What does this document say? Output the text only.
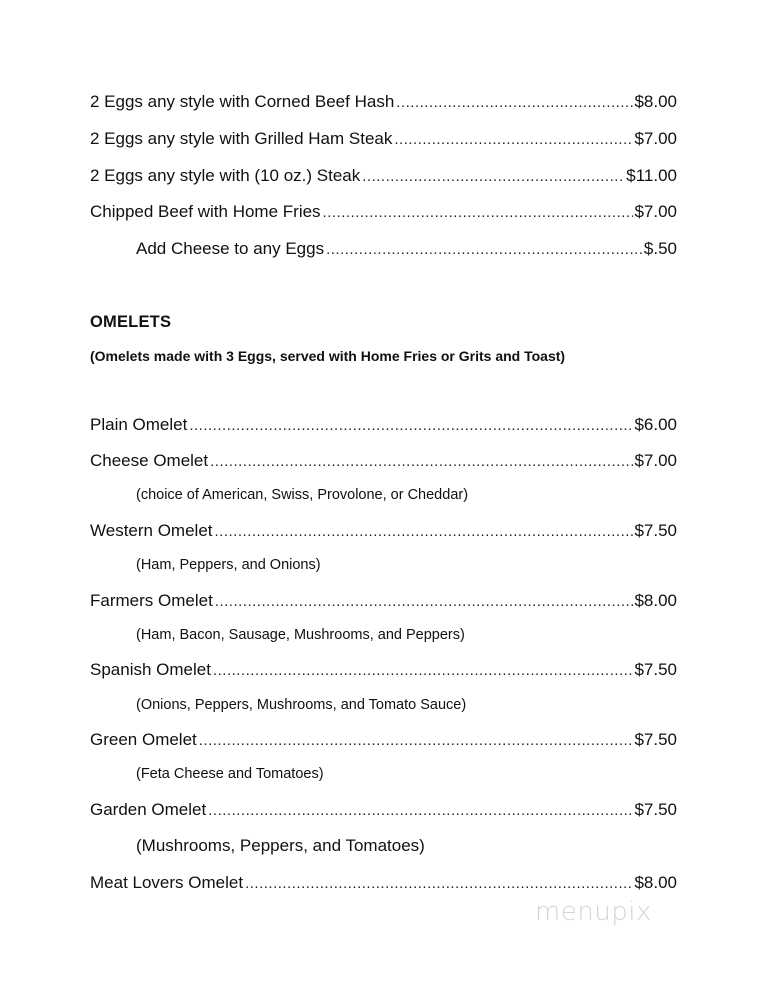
2 Eggs any style with Corned Beef Hash .....	$8.00
2 Eggs any style with Grilled Ham Steak .....	$7.00
2 Eggs any style with (10 oz.) Steak .....	$11.00
Chipped Beef with Home Fries .....	$7.00
Add Cheese to any Eggs .....	$.50
OMELETS
(Omelets made with 3 Eggs, served with Home Fries or Grits and Toast)
Plain Omelet .....	$6.00
Cheese Omelet .....	$7.00
(choice of American, Swiss, Provolone, or Cheddar)
Western Omelet .....	$7.50
(Ham, Peppers, and Onions)
Farmers Omelet .....	$8.00
(Ham, Bacon, Sausage, Mushrooms, and Peppers)
Spanish Omelet .....	$7.50
(Onions, Peppers, Mushrooms, and Tomato Sauce)
Green Omelet .....	$7.50
(Feta Cheese and Tomatoes)
Garden Omelet .....	$7.50
(Mushrooms, Peppers, and Tomatoes)
Meat Lovers Omelet .....	$8.00
menupix
